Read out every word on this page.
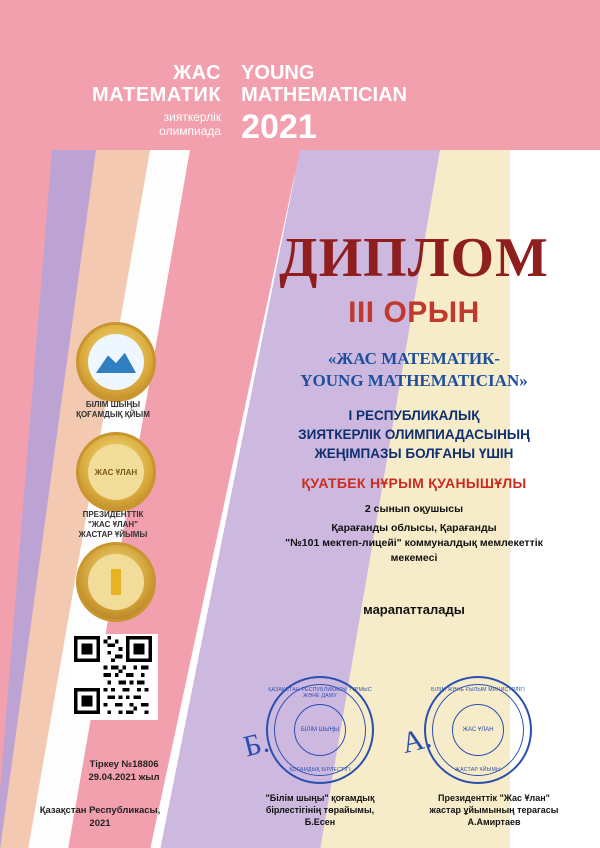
ЖАС
МАТЕМАТИК
зияткерлік
олимпиада
YOUNG
MATHEMATICIAN
2021
БІЛІМ ШЫҢЫ
ҚОҒАМДЫҚ ҚЙЫМ
ЖАС ҰЛАН
ПРЕЗИДЕНТТІК
"ЖАС ҰЛАН"
ЖАСТАР ҰЙЫМЫ
Тіркеу №18806
29.04.2021 жыл
Қазақстан Республикасы,
2021
ДИПЛОМ
III ОРЫН
«ЖАС МАТЕМАТИК-
YOUNG MATHEMATICIAN»
І РЕСПУБЛИКАЛЫҚ
ЗИЯТКЕРЛІК ОЛИМПИАДАСЫНЫҢ
ЖЕҢІМПАЗЫ БОЛҒАНЫ ҮШІН
ҚУАТБЕК НҰРЫМ ҚУАНЫШҰЛЫ
2 сынып оқушысы
Қарағанды облысы, Қарағанды
"№101 мектеп-лицейі" коммуналдық мемлекеттік
мекемесі
марапатталады
ҚАЗАҚСТАН РЕСПУБЛИКАСЫ ТҰРМЫС ЖӘНЕ ДАМУ
ҚОҒАМДЫҚ БІРЛЕСТІГІ
БІЛІМ ШЫҢЫ
Б.
БІЛІМ ЖӘНЕ ҒЫЛЫМ МИНИСТРЛІГІ
ЖАСТАР ҰЙЫМЫ
ЖАС ҰЛАН
А.
"Білім шыңы" қоғамдық
бірлестігінің төрайымы,
Б.Есен
Президенттік "Жас Ұлан"
жастар ұйымының терагасы
А.Амиртаев
